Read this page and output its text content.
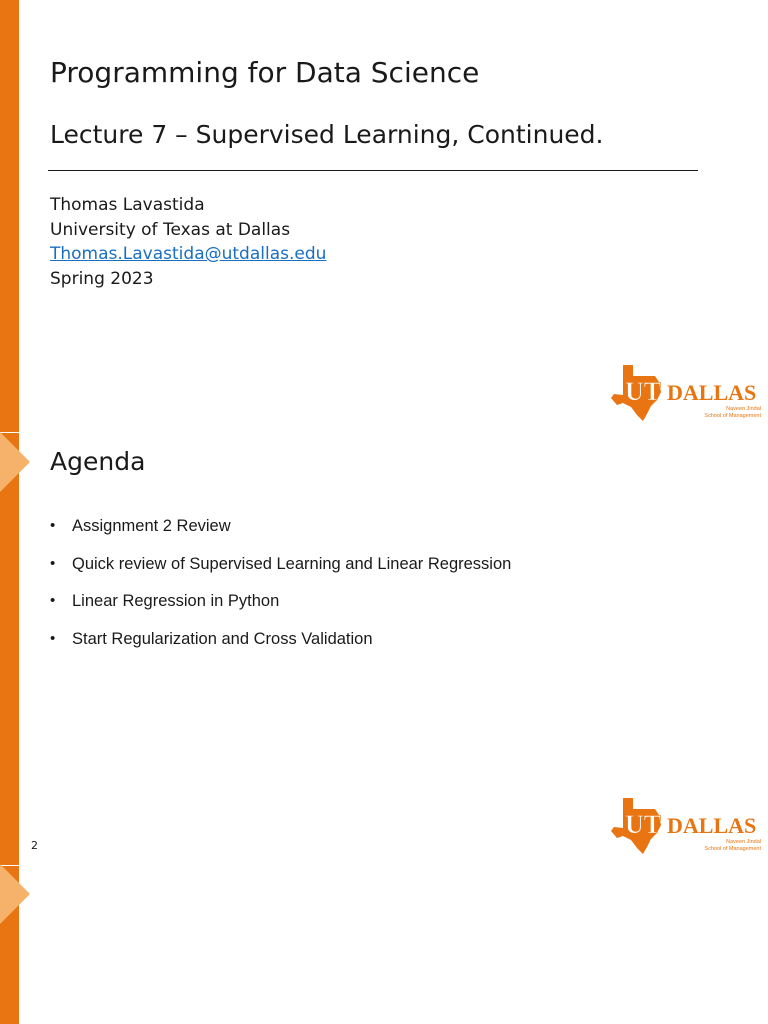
Programming for Data Science
Lecture 7 – Supervised Learning, Continued.
Thomas Lavastida
University of Texas at Dallas
Thomas.Lavastida@utdallas.edu
Spring 2023
UT DALLAS
Naveen Jindal
School of Management
Agenda
•	Assignment 2 Review
•	Quick review of Supervised Learning and Linear Regression
•	Linear Regression in Python
•	Start Regularization and Cross Validation
UT DALLAS
Naveen Jindal
School of Management
2
